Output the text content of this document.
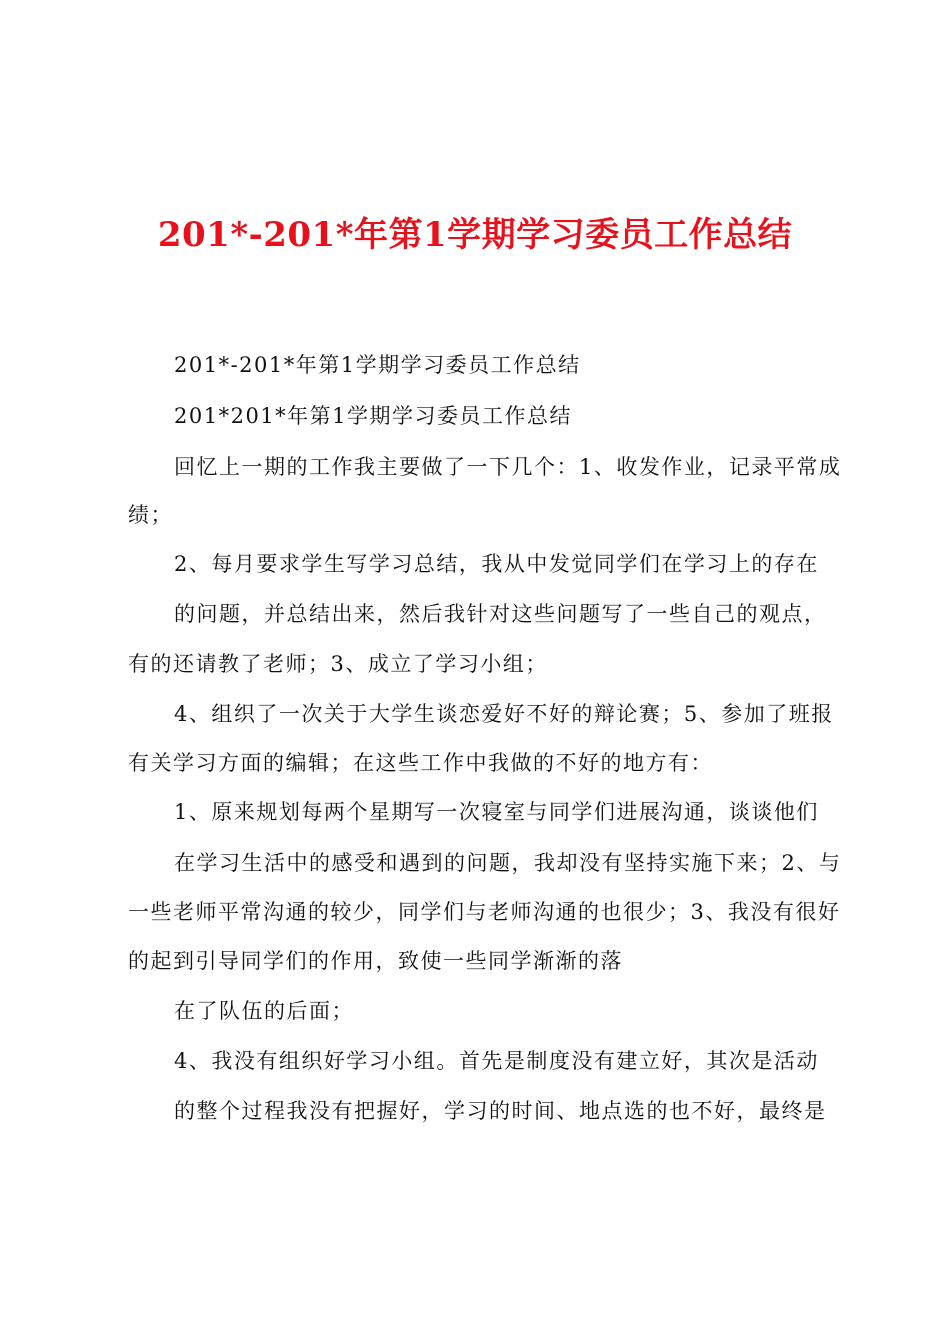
201*-201*年第1学期学习委员工作总结

201*-201*年第1学期学习委员工作总结

201*201*年第1学期学习委员工作总结

回忆上一期的工作我主要做了一下几个：1、收发作业，记录平常成

绩；

2、每月要求学生写学习总结，我从中发觉同学们在学习上的存在

的问题，并总结出来，然后我针对这些问题写了一些自己的观点，

有的还请教了老师；3、成立了学习小组；

4、组织了一次关于大学生谈恋爱好不好的辩论赛；5、参加了班报

有关学习方面的编辑；在这些工作中我做的不好的地方有：

1、原来规划每两个星期写一次寝室与同学们进展沟通，谈谈他们

在学习生活中的感受和遇到的问题，我却没有坚持实施下来；2、与

一些老师平常沟通的较少，同学们与老师沟通的也很少；3、我没有很好

的起到引导同学们的作用，致使一些同学渐渐的落

在了队伍的后面；

4、我没有组织好学习小组。首先是制度没有建立好，其次是活动

的整个过程我没有把握好，学习的时间、地点选的也不好，最终是
